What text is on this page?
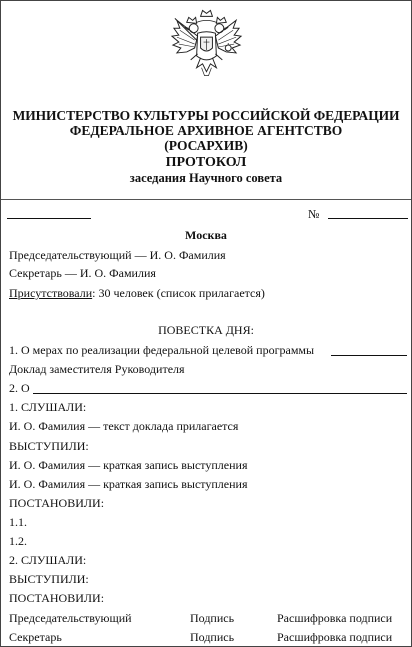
МИНИСТЕРСТВО КУЛЬТУРЫ РОССИЙСКОЙ ФЕДЕРАЦИИ
ФЕДЕРАЛЬНОЕ АРХИВНОЕ АГЕНТСТВО
(РОСАРХИВ)
ПРОТОКОЛ
заседания Научного совета
№
Москва
Председательствующий — И. О. Фамилия
Секретарь — И. О. Фамилия
Присутствовали: 30 человек (список прилагается)
ПОВЕСТКА ДНЯ:
1. О мерах по реализации федеральной целевой программы
Доклад заместителя Руководителя
2. О
1. СЛУШАЛИ:
И. О. Фамилия — текст доклада прилагается
ВЫСТУПИЛИ:
И. О. Фамилия — краткая запись выступления
И. О. Фамилия — краткая запись выступления
ПОСТАНОВИЛИ:
1.1.
1.2.
2. СЛУШАЛИ:
ВЫСТУПИЛИ:
ПОСТАНОВИЛИ:
Председательствующий	Подпись	Расшифровка подписи
Секретарь	Подпись	Расшифровка подписи
